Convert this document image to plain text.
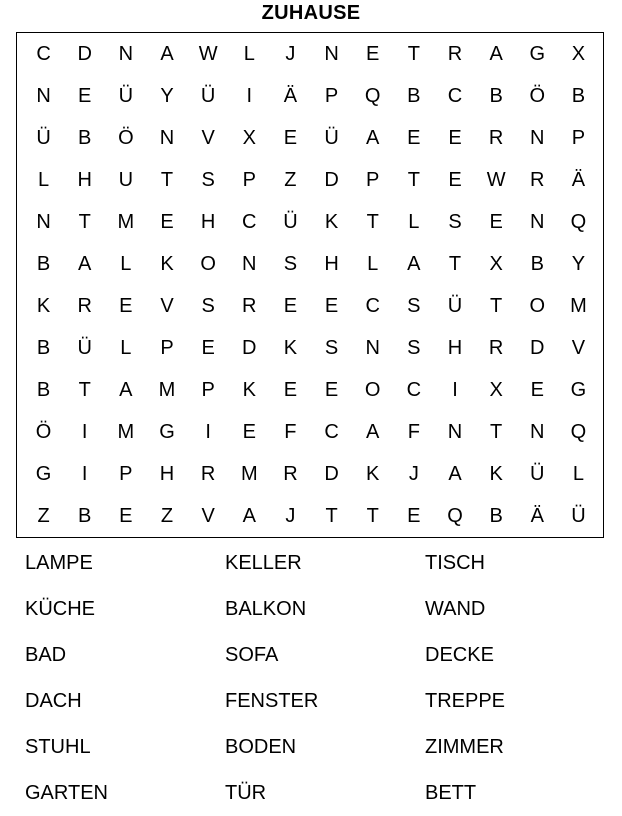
ZUHAUSE
C	D	N	A	W	L	J	N	E	T	R	A	G	X
N	E	Ü	Y	Ü	I	Ä	P	Q	B	C	B	Ö	B
Ü	B	Ö	N	V	X	E	Ü	A	E	E	R	N	P
L	H	U	T	S	P	Z	D	P	T	E	W	R	Ä
N	T	M	E	H	C	Ü	K	T	L	S	E	N	Q
B	A	L	K	O	N	S	H	L	A	T	X	B	Y
K	R	E	V	S	R	E	E	C	S	Ü	T	O	M
B	Ü	L	P	E	D	K	S	N	S	H	R	D	V
B	T	A	M	P	K	E	E	O	C	I	X	E	G
Ö	I	M	G	I	E	F	C	A	F	N	T	N	Q
G	I	P	H	R	M	R	D	K	J	A	K	Ü	L
Z	B	E	Z	V	A	J	T	T	E	Q	B	Ä	Ü
LAMPE	KELLER	TISCH
KÜCHE	BALKON	WAND
BAD	SOFA	DECKE
DACH	FENSTER	TREPPE
STUHL	BODEN	ZIMMER
GARTEN	TÜR	BETT
